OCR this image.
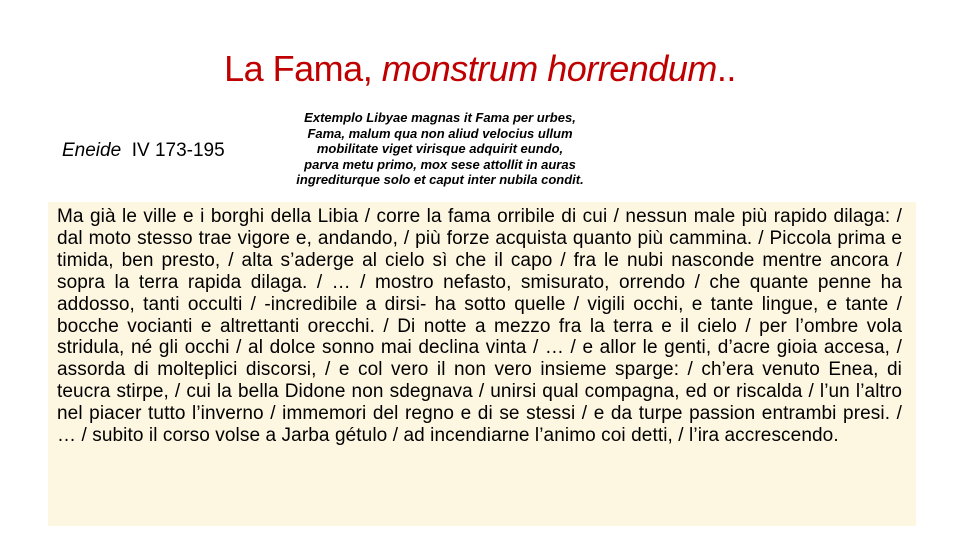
La Fama, monstrum horrendum..
Eneide IV 173-195
Extemplo Libyae magnas it Fama per urbes,
Fama, malum qua non aliud velocius ullum
mobilitate viget virisque adquirit eundo,
parva metu primo, mox sese attollit in auras
ingrediturque solo et caput inter nubila condit.
Ma già le ville e i borghi della Libia / corre la fama orribile di cui / nessun male più rapido dilaga: / dal moto stesso trae vigore e, andando, / più forze acquista quanto più cammina. / Piccola prima e timida, ben presto, / alta s’aderge al cielo sì che il capo / fra le nubi nasconde mentre ancora / sopra la terra rapida dilaga. / … / mostro nefasto, smisurato, orrendo / che quante penne ha addosso, tanti occulti / -incredibile a dirsi- ha sotto quelle / vigili occhi, e tante lingue, e tante / bocche vocianti e altrettanti orecchi. / Di notte a mezzo fra la terra e il cielo / per l’ombre vola stridula, né gli occhi / al dolce sonno mai declina vinta / … / e allor le genti, d’acre gioia accesa, / assorda di molteplici discorsi, / e col vero il non vero insieme sparge: / ch’era venuto Enea, di teucra stirpe, / cui la bella Didone non sdegnava / unirsi qual compagna, ed or riscalda / l’un l’altro nel piacer tutto l’inverno / immemori del regno e di se stessi / e da turpe passion entrambi presi. / … / subito il corso volse a Jarba gétulo / ad incendiarne l’animo coi detti, / l’ira accrescendo.
